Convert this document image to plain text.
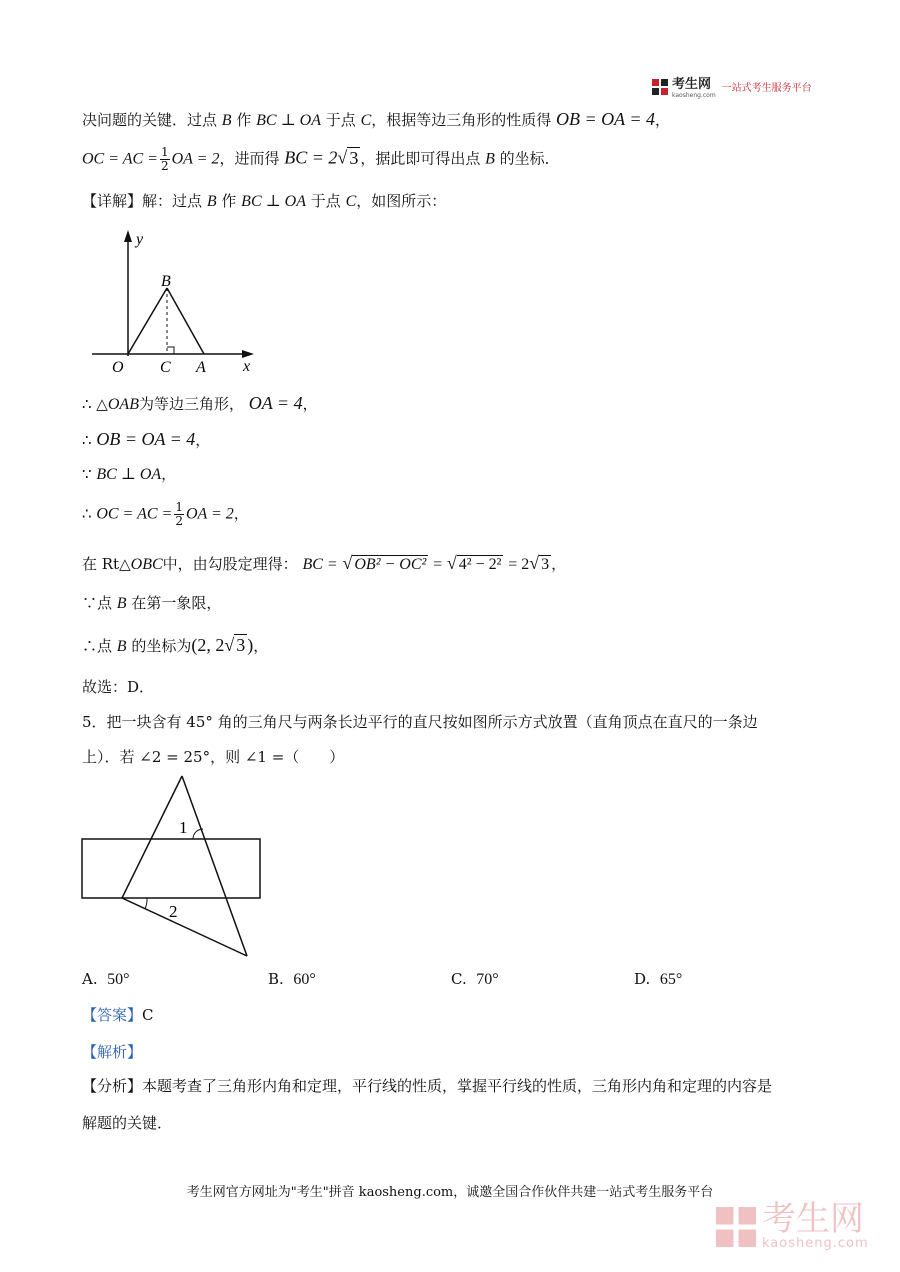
考生网
kaosheng.com
一站式考生服务平台
决问题的关键．过点 B 作 BC ⊥ OA 于点 C，根据等边三角形的性质得 OB = OA = 4，
OC = AC = $\frac{1}{2}$ OA = 2，进而得 BC = 2√ 3 ，据此即可得出点 B 的坐标．
【详解】解：过点 B 作 BC ⊥ OA 于点 C，如图所示：
y
x
B
O C A
∴ △OAB为等边三角形， OA = 4，
∴ OB = OA = 4，
∵ BC ⊥ OA，
∴ OC = AC = $\frac{1}{2}$ OA = 2，
在 Rt△OBC中，由勾股定理得： BC = √ OB² − OC² = √ 4² − 2² = 2√ 3 ，
∵点 B 在第一象限，
∴点 B 的坐标为(2, 2√ 3 )，
故选：D．
5．把一块含有 45° 角的三角尺与两条长边平行的直尺按如图所示方式放置（直角顶点在直尺的一条边
上）．若 ∠2 = 25°，则 ∠1 =（　　）
1
2
A. 50°	B. 60°	C. 70°	D. 65°
【答案】C
【解析】
【分析】本题考查了三角形内角和定理，平行线的性质，掌握平行线的性质，三角形内角和定理的内容是
解题的关键．
考生网官方网址为"考生"拼音 kaosheng.com，诚邀全国合作伙伴共建一站式考生服务平台
考生网
kaosheng.com
